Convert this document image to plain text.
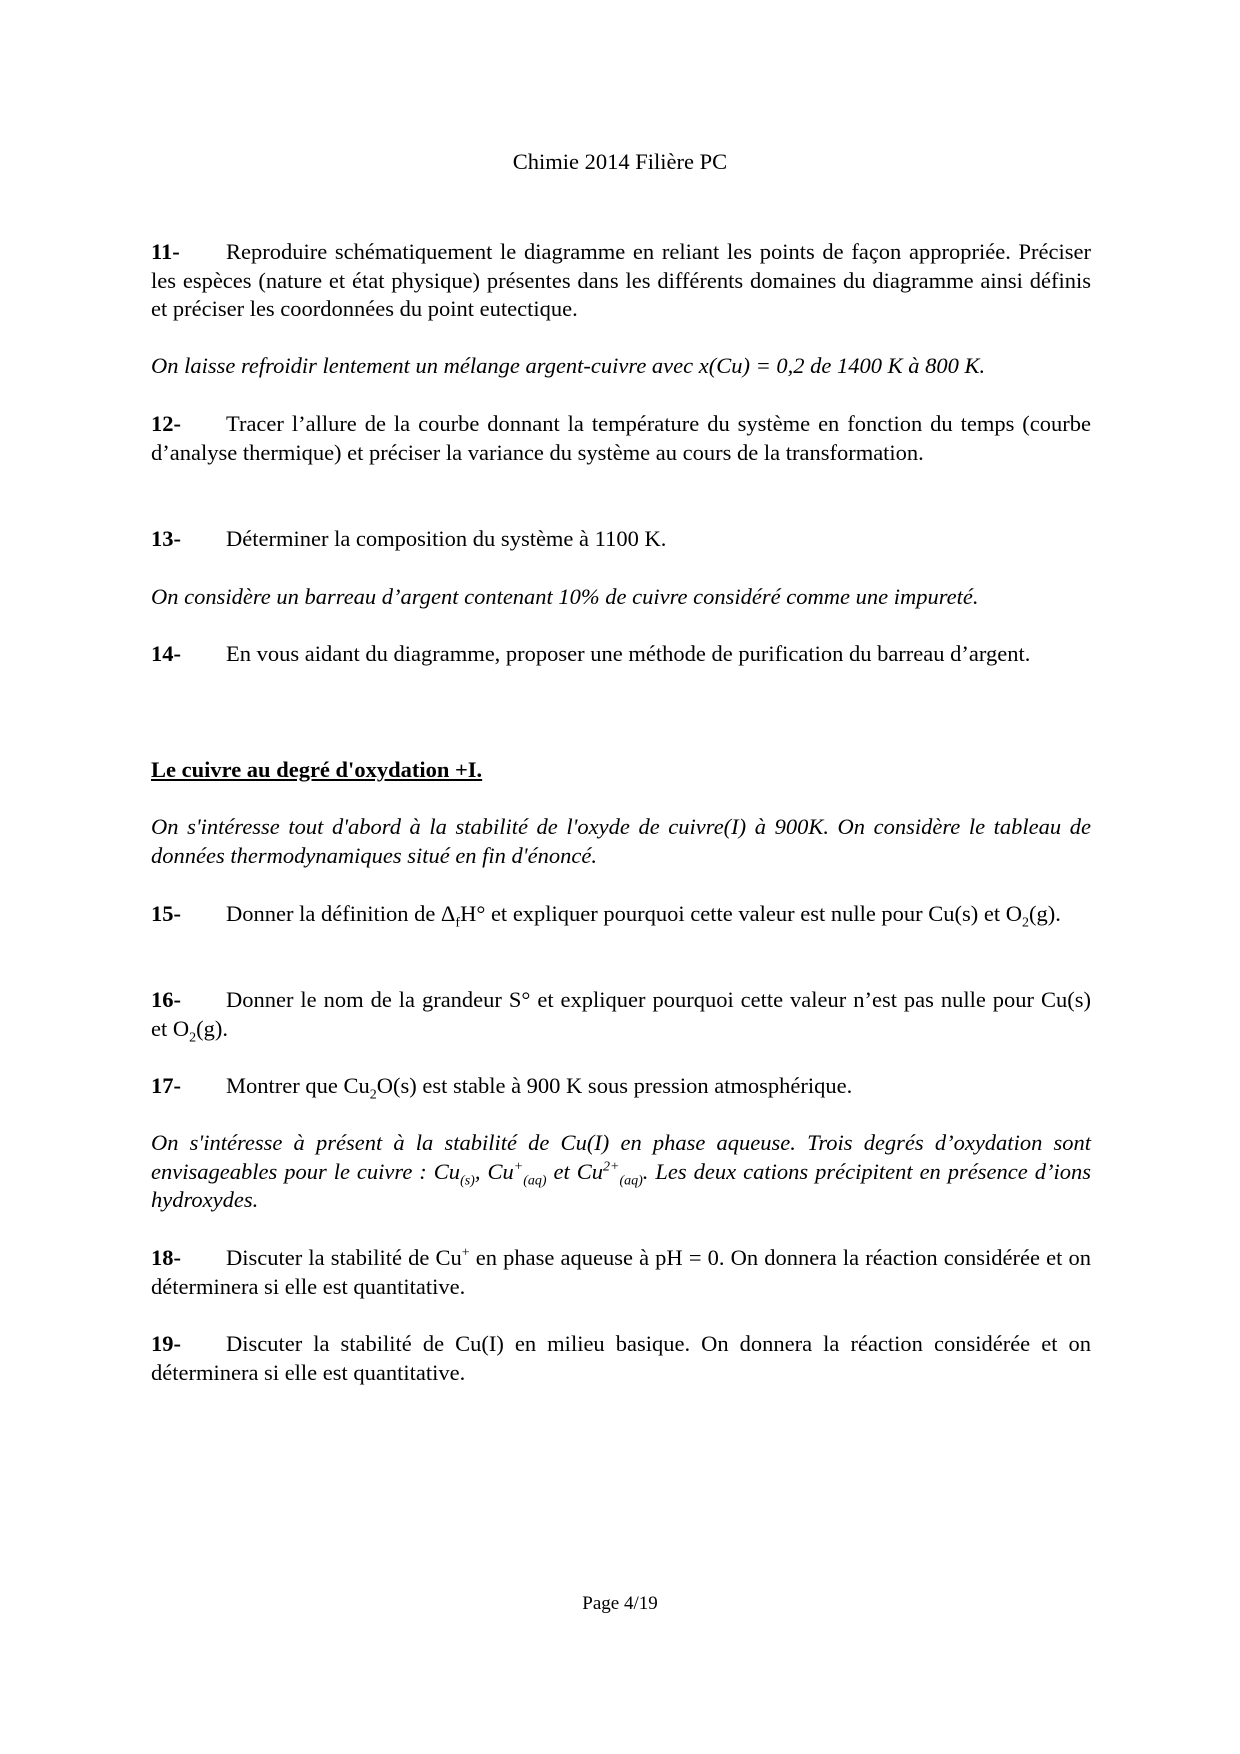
Chimie 2014 Filière PC

11- Reproduire schématiquement le diagramme en reliant les points de façon appropriée. Préciser les espèces (nature et état physique) présentes dans les différents domaines du diagramme ainsi définis et préciser les coordonnées du point eutectique.

On laisse refroidir lentement un mélange argent-cuivre avec x(Cu) = 0,2 de 1400 K à 800 K.

12- Tracer l’allure de la courbe donnant la température du système en fonction du temps (courbe d’analyse thermique) et préciser la variance du système au cours de la transformation.

13- Déterminer la composition du système à 1100 K.

On considère un barreau d’argent contenant 10% de cuivre considéré comme une impureté.

14- En vous aidant du diagramme, proposer une méthode de purification du barreau d’argent.

Le cuivre au degré d'oxydation +I.

On s'intéresse tout d'abord à la stabilité de l'oxyde de cuivre(I) à 900K. On considère le tableau de données thermodynamiques situé en fin d'énoncé.

15- Donner la définition de $\Delta_fH^\circ$ et expliquer pourquoi cette valeur est nulle pour Cu(s) et $O_2(g)$.

16- Donner le nom de la grandeur S° et expliquer pourquoi cette valeur n’est pas nulle pour Cu(s) et $O_2(g)$.

17- Montrer que $Cu_2O(s)$ est stable à 900 K sous pression atmosphérique.

On s'intéresse à présent à la stabilité de Cu(I) en phase aqueuse. Trois degrés d’oxydation sont envisageables pour le cuivre : $Cu_{(s)}$, $Cu^+_{(aq)}$ et $Cu^{2+}_{(aq)}$. Les deux cations précipitent en présence d’ions hydroxydes.

18- Discuter la stabilité de Cu+ en phase aqueuse à pH = 0. On donnera la réaction considérée et on déterminera si elle est quantitative.

19- Discuter la stabilité de Cu(I) en milieu basique. On donnera la réaction considérée et on déterminera si elle est quantitative.

Page 4/19
